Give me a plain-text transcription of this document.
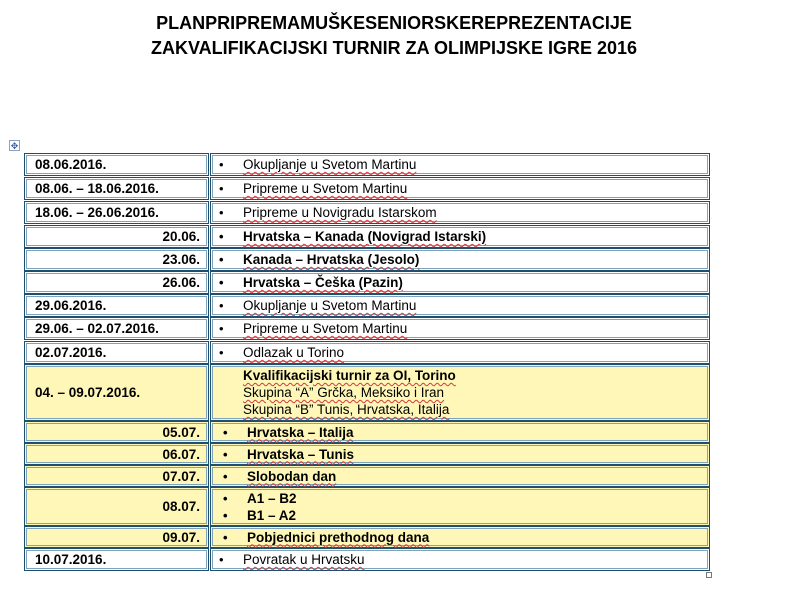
PLANPRIPREMAMUŠKESENIORSKEREPREZENTACIJE
ZAKVALIFIKACIJSKI TURNIR ZA OLIMPIJSKE IGRE 2016
✥
08.06.2016.	•	Okupljanje u Svetom Martinu
08.06. – 18.06.2016.	•	Pripreme u Svetom Martinu
18.06. – 26.06.2016.	•	Pripreme u Novigradu Istarskom
20.06. •	Hrvatska – Kanada (Novigrad Istarski)
23.06. •	Kanada – Hrvatska (Jesolo)
26.06. •	Hrvatska – Češka (Pazin)
29.06.2016.	•	Okupljanje u Svetom Martinu
29.06. – 02.07.2016.	•	Pripreme u Svetom Martinu
02.07.2016.	•	Odlazak u Torino
04. – 09.07.2016.
Kvalifikacijski turnir za OI, Torino
Skupina “A” Grčka, Meksiko i Iran
Skupina “B” Tunis, Hrvatska, Italija
05.07. •	Hrvatska – Italija
06.07. •	Hrvatska – Tunis
07.07. •	Slobodan dan
08.07.
•	A1 – B2
•	B1 – A2
09.07. •	Pobjednici prethodnog dana
10.07.2016.	•	Povratak u Hrvatsku
